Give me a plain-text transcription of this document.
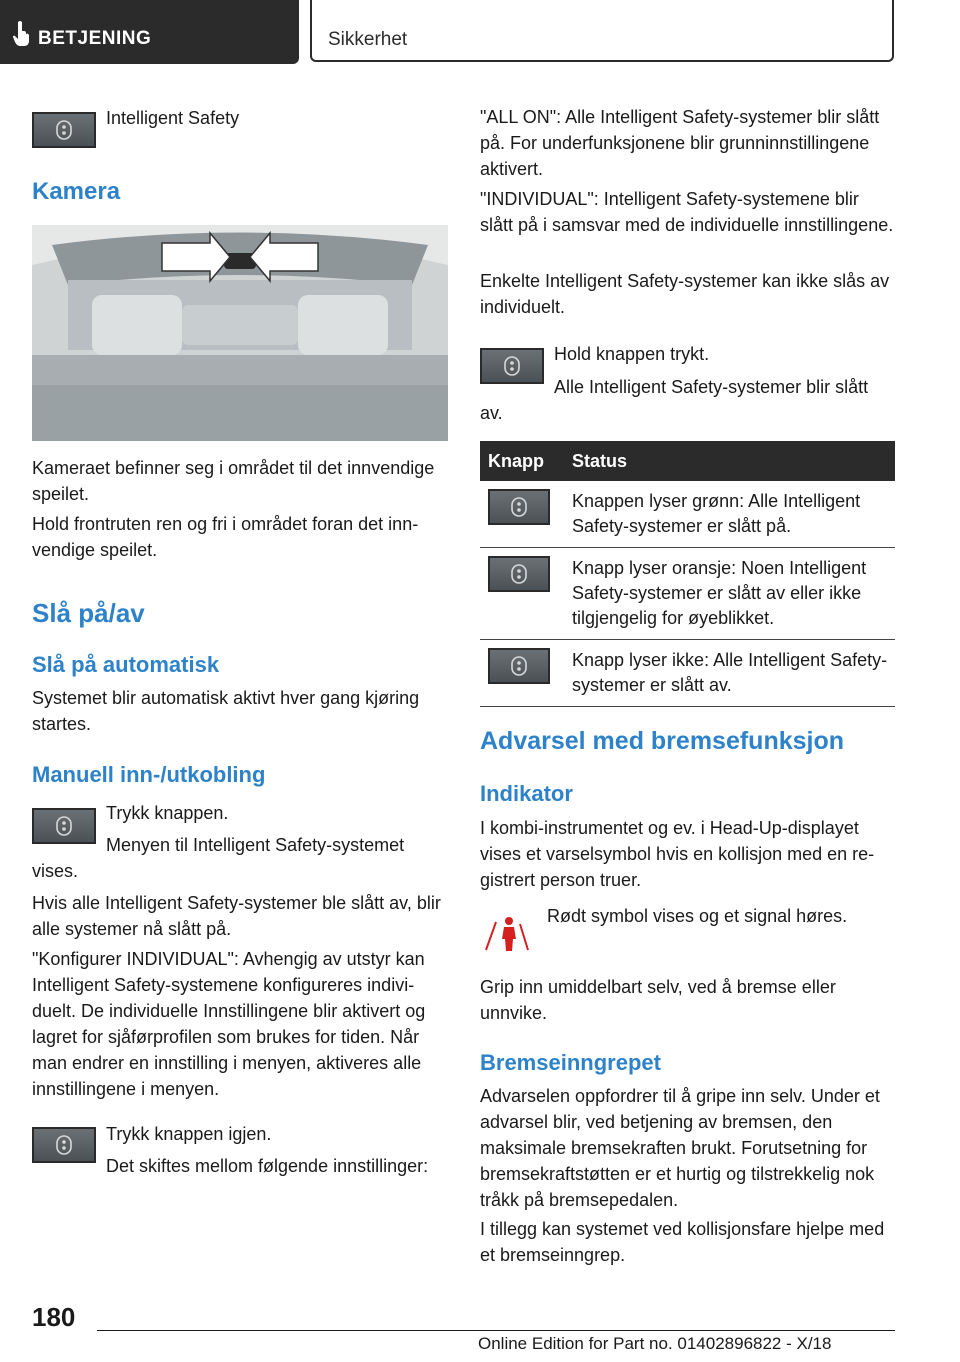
BETJENING	Sikkerhet

Intelligent Safety

Kamera

Kameraet befinner seg i området til det innvendige speilet.

Hold frontruten ren og fri i området foran det innvendige speilet.

Slå på/av
Slå på automatisk

Systemet blir automatisk aktivt hver gang kjøring startes.

Manuell inn-/utkobling

Trykk knappen.

Menyen til Intelligent Safety-systemet vises.

Hvis alle Intelligent Safety-systemer ble slått av, blir alle systemer nå slått på.

"Konfigurer INDIVIDUAL": Avhengig av utstyr kan Intelligent Safety-systemene konfigureres individuelt. De individuelle Innstillingene blir aktivert og lagret for sjåførprofilen som brukes for tiden. Når man endrer en innstilling i menyen, aktiveres alle innstillingene i menyen.

Trykk knappen igjen.

Det skiftes mellom følgende innstillinger:

"ALL ON": Alle Intelligent Safety-systemer blir slått på. For underfunksjonene blir grunninnstillingene aktivert.

"INDIVIDUAL": Intelligent Safety-systemene blir slått på i samsvar med de individuelle innstillingene.

Enkelte Intelligent Safety-systemer kan ikke slås av individuelt.

Hold knappen trykt.

Alle Intelligent Safety-systemer blir slått av.

Knapp	Status

	Knappen lyser grønn: Alle Intelligent Safety-systemer er slått på.

	Knapp lyser oransje: Noen Intelligent Safety-systemer er slått av eller ikke tilgjengelig for øyeblikket.

	Knapp lyser ikke: Alle Intelligent Safety-systemer er slått av.
Advarsel med bremsefunksjon
Indikator

I kombi-instrumentet og ev. i Head-Up-displayet vises et varselsymbol hvis en kollisjon med en registrert person truer.

Rødt symbol vises og et signal høres.

Grip inn umiddelbart selv, ved å bremse eller unnvike.

Bremseinngrepet

Advarselen oppfordrer til å gripe inn selv. Under et advarsel blir, ved betjening av bremsen, den maksimale bremsekraften brukt. Forutsetning for bremsekraftstøtten er et hurtig og tilstrekkelig nok tråkk på bremsepedalen.

I tillegg kan systemet ved kollisjonsfare hjelpe med et bremseinngrep.

180
Online Edition for Part no. 01402896822 - X/18
